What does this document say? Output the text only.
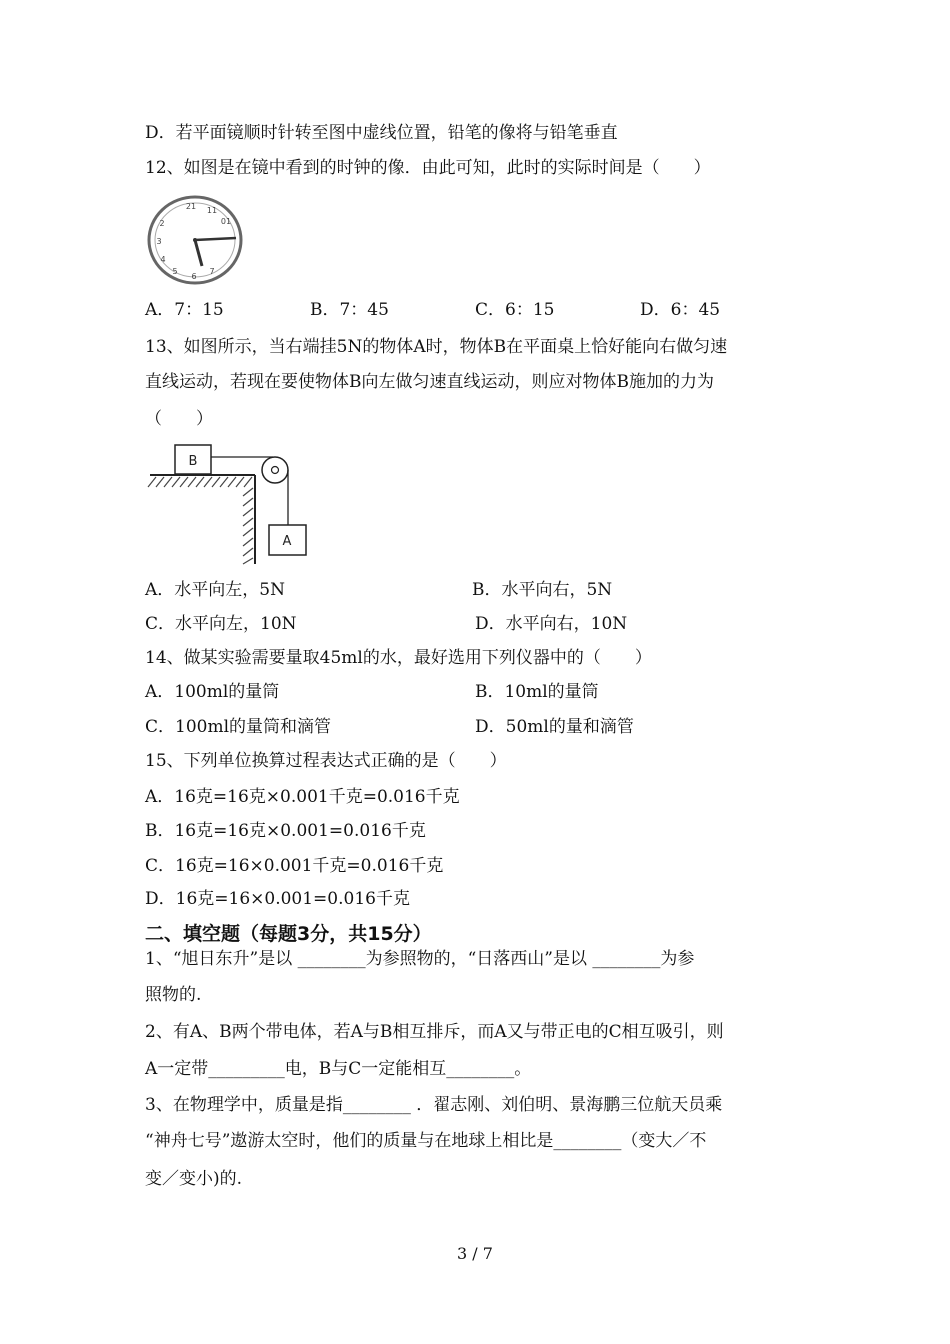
D．若平面镜顺时针转至图中虚线位置，铅笔的像将与铅笔垂直
12、如图是在镜中看到的时钟的像．由此可知，此时的实际时间是（　　）
21 11
01
2
3
4
5
6
7
A．7：15	B．7：45	C．6：15	D．6：45
13、如图所示，当右端挂5N的物体A时，物体B在平面桌上恰好能向右做匀速
直线运动，若现在要使物体B向左做匀速直线运动，则应对物体B施加的力为
（　　）
B
A
A．水平向左，5N	B．水平向右，5N
C．水平向左，10N	D．水平向右，10N
14、做某实验需要量取45ml的水，最好选用下列仪器中的（　　）
A．100ml的量筒	B．10ml的量筒
C．100ml的量筒和滴管	D．50ml的量和滴管
15、下列单位换算过程表达式正确的是（　　）
A．16克=16克×0.001千克=0.016千克
B．16克=16克×0.001=0.016千克
C．16克=16×0.001千克=0.016千克
D．16克=16×0.001=0.016千克
二、填空题（每题3分，共15分）
1、“旭日东升”是以 ________为参照物的，“日落西山”是以 ________为参
照物的.
2、有A、B两个带电体，若A与B相互排斥，而A又与带正电的C相互吸引，则
A一定带_________电，B与C一定能相互________。
3、在物理学中，质量是指________ ．翟志刚、刘伯明、景海鹏三位航天员乘
“神舟七号”遨游太空时，他们的质量与在地球上相比是________（变大／不
变／变小)的.
3 / 7
